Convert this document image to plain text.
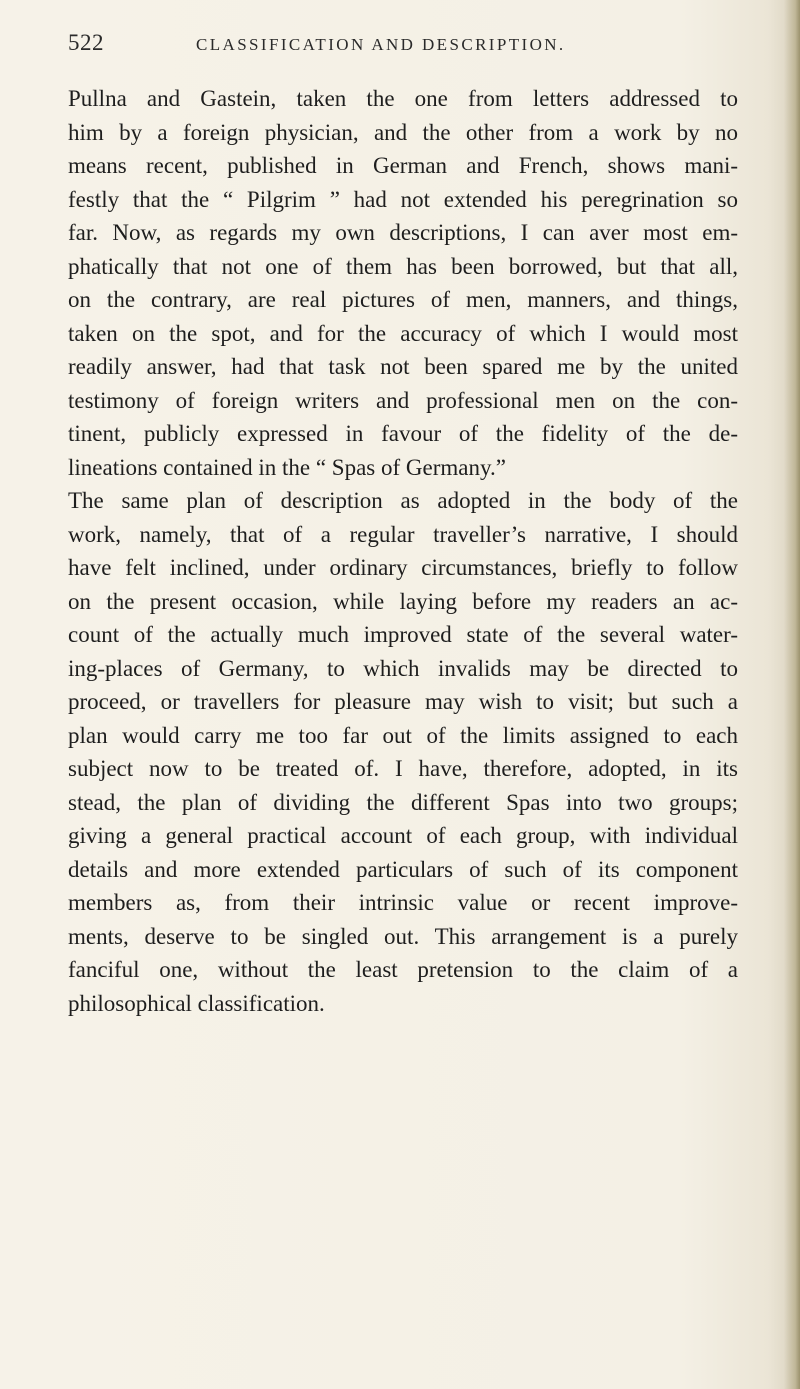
522	CLASSIFICATION AND DESCRIPTION.
Pullna and Gastein, taken the one from letters addressed to
him by a foreign physician, and the other from a work by no
means recent, published in German and French, shows mani-
festly that the “ Pilgrim ” had not extended his peregrination so
far. Now, as regards my own descriptions, I can aver most em-
phatically that not one of them has been borrowed, but that all,
on the contrary, are real pictures of men, manners, and things,
taken on the spot, and for the accuracy of which I would most
readily answer, had that task not been spared me by the united
testimony of foreign writers and professional men on the con-
tinent, publicly expressed in favour of the fidelity of the de-
lineations contained in the “ Spas of Germany.”
The same plan of description as adopted in the body of the
work, namely, that of a regular traveller’s narrative, I should
have felt inclined, under ordinary circumstances, briefly to follow
on the present occasion, while laying before my readers an ac-
count of the actually much improved state of the several water-
ing-places of Germany, to which invalids may be directed to
proceed, or travellers for pleasure may wish to visit; but such a
plan would carry me too far out of the limits assigned to each
subject now to be treated of. I have, therefore, adopted, in its
stead, the plan of dividing the different Spas into two groups;
giving a general practical account of each group, with individual
details and more extended particulars of such of its component
members as, from their intrinsic value or recent improve-
ments, deserve to be singled out. This arrangement is a purely
fanciful one, without the least pretension to the claim of a
philosophical classification.
